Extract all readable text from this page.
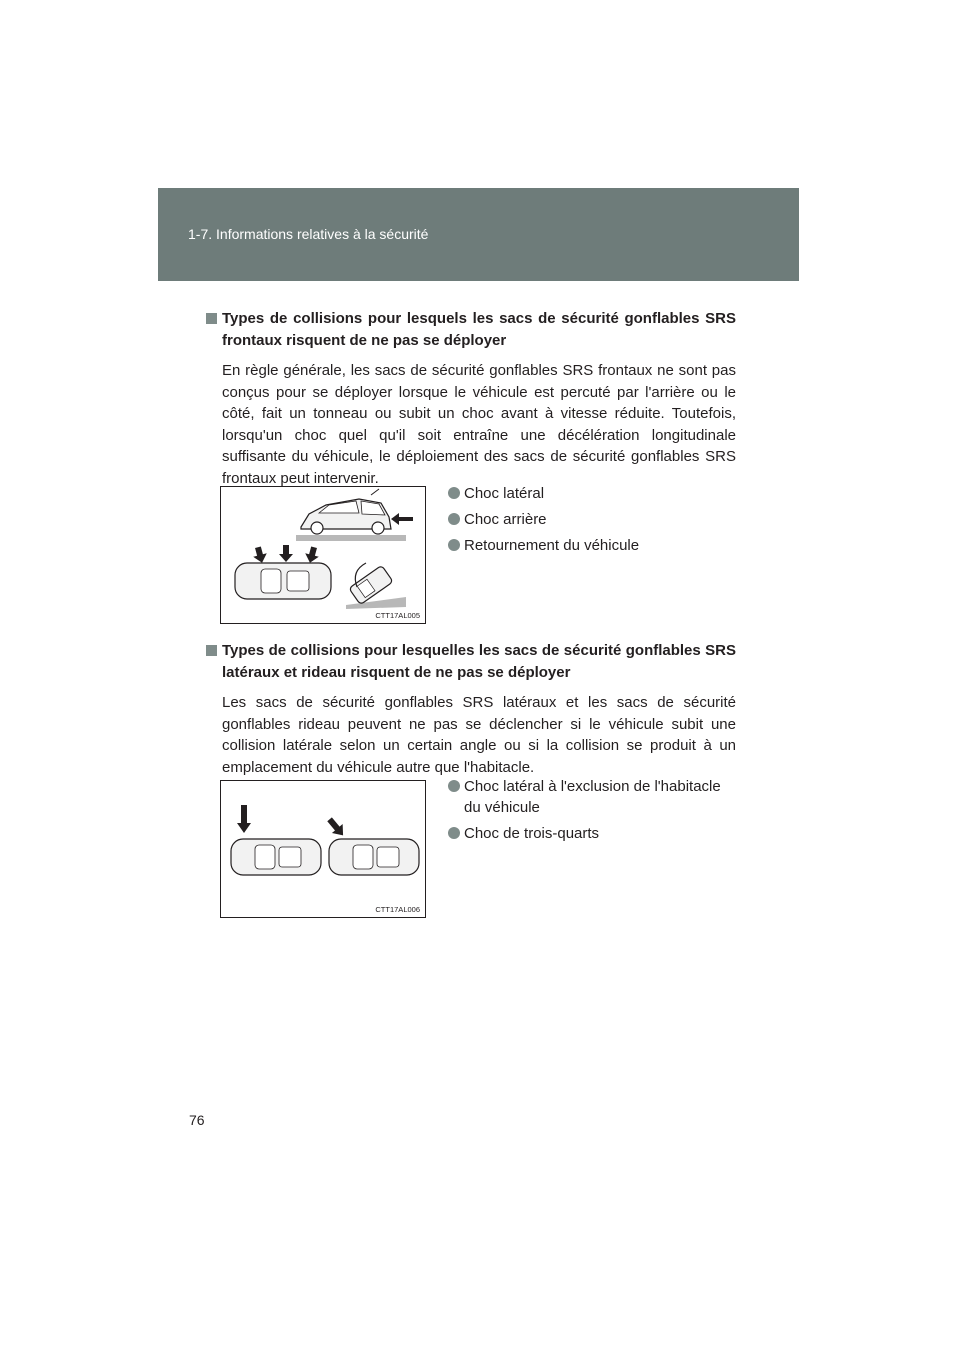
1-7. Informations relatives à la sécurité
Types de collisions pour lesquels les sacs de sécurité gonflables SRS frontaux risquent de ne pas se déployer

En règle générale, les sacs de sécurité gonflables SRS frontaux ne sont pas conçus pour se déployer lorsque le véhicule est percuté par l'arrière ou le côté, fait un tonneau ou subit un choc avant à vitesse réduite. Toutefois, lorsqu'un choc quel qu'il soit entraîne une décélération longitudinale suffisante du véhicule, le déploiement des sacs de sécurité gonflables SRS frontaux peut intervenir.

CTT17AL005
Choc latéral
Choc arrière
Retournement du véhicule
Types de collisions pour lesquelles les sacs de sécurité gonflables SRS latéraux et rideau risquent de ne pas se déployer

Les sacs de sécurité gonflables SRS latéraux et les sacs de sécurité gonflables rideau peuvent ne pas se déclencher si le véhicule subit une collision latérale selon un certain angle ou si la collision se produit à un emplacement du véhicule autre que l'habitacle.

CTT17AL006
Choc latéral à l'exclusion de l'habitacle du véhicule
Choc de trois-quarts
76
carmanualsonline.info
